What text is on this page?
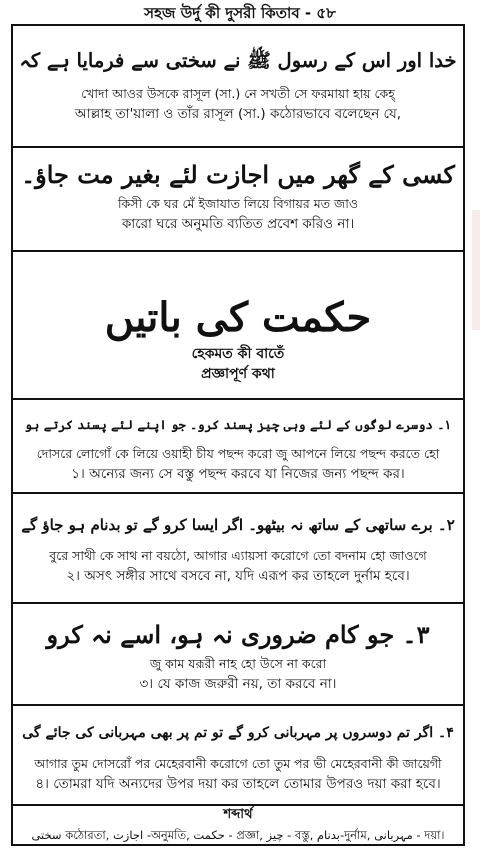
সহজ উর্দু কী দুসরী কিতাব - ৫৮
خدا اور اس کے رسول ﷺ نے سختی سے فرمایا ہے کہ
খোদা আওর উসকে রাসূল (সা.) নে সখতী সে ফরমায়া হায় কেহ্
আল্লাহ তা'য়ালা ও তাঁর রাসূল (সা.) কঠোরভাবে বলেছেন যে,
کسی کے گھر میں اجازت لئے بغیر مت جاؤ۔
কিসী কে ঘর মেঁ ইজাযাত লিয়ে বিগায়র মত জাও
কারো ঘরে অনুমতি ব্যতিত প্রবেশ করিও না।
حکمت کی باتیں
হেকমত কী বাতেঁ
প্রজ্ঞাপূর্ণ কথা
۱۔ دوسرے لوگوں کے لئے وہی چیز پسند کرو۔ جو اپنے لئے پسند کرتے ہو
দোসরে লোগোঁ কে লিয়ে ওয়াহী চীয পছন্দ করো জু আপনে লিয়ে পছন্দ করতে হো
১। অন্যের জন্য সে বস্তু পছন্দ করবে যা নিজের জন্য পছন্দ কর।
۲۔ برے ساتھی کے ساتھ نہ بیٹھو۔ اگر ایسا کرو گے تو بدنام ہو جاؤ گے
বুরে সাথী কে সাথ না বয়ঠো, আগার এ্যায়সা করোগে তো বদনাম হো জাওগে
২। অসৎ সঙ্গীর সাথে বসবে না, যদি এরূপ কর তাহলে দুর্নাম হবে।
۳۔ جو کام ضروری نہ ہو، اسے نہ کرو
জু কাম যরূরী নাহ হো উসে না করো
৩। যে কাজ জরুরী নয়, তা করবে না।
۴۔ اگر تم دوسروں پر مہربانی کرو گے تو تم پر بھی مہربانی کی جائے گی
আগার তুম দোসরোঁ পর মেহেরবানী করোগে তো তুম পর ভী মেহেরবানী কী জায়েগী
৪। তোমরা যদি অন্যদের উপর দয়া কর তাহলে তোমার উপরও দয়া করা হবে।
শব্দার্থ
سختی কঠোরতা, اجازت -অনুমতি, حکمت - প্রজ্ঞা, چیز - বস্তু, بدنام-দুর্নাম, مہربانی - দয়া।
